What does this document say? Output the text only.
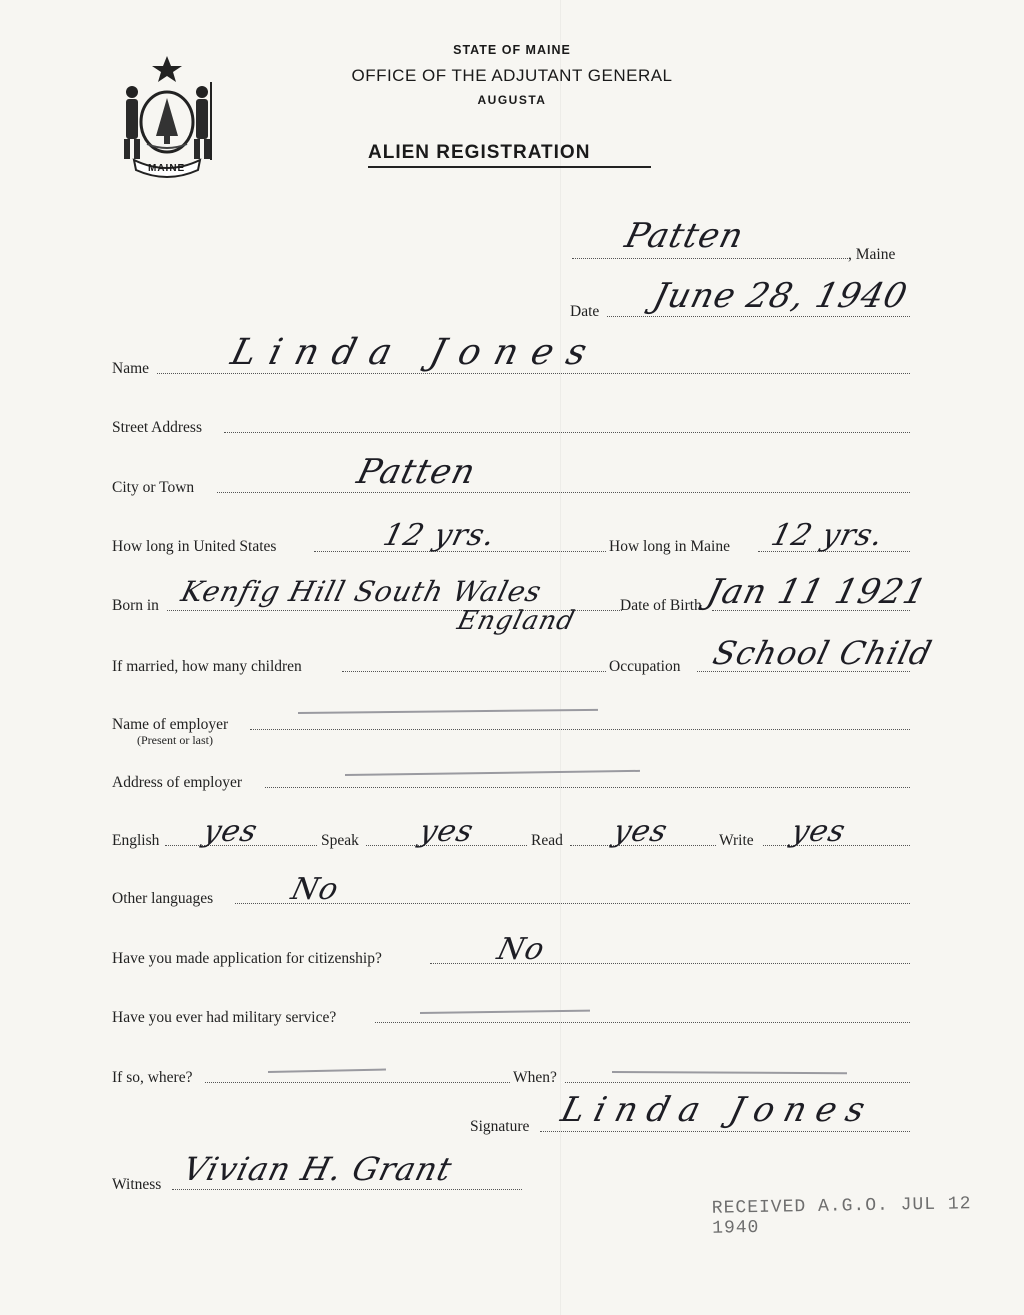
MAINE
STATE OF MAINE
OFFICE OF THE ADJUTANT GENERAL
AUGUSTA
ALIEN REGISTRATION
Patten	, Maine
Date June 28, 1940
Name Linda Jones
Street Address
City or Town	Patten
How long in United States	12 yrs.	How long in Maine 12 yrs.
Born in Kenfig Hill South Wales
England
Date of Birth Jan 11 1921
If married, how many children	Occupation School Child
Name of employer
(Present or last)
Address of employer
English yes	Speak yes	Read yes	Write yes
Other languages No
Have you made application for citizenship?	No
Have you ever had military service?
If so, where?	When?
Signature Linda Jones
Witness Vivian H. Grant
RECEIVED A.G.O. JUL 12 1940
